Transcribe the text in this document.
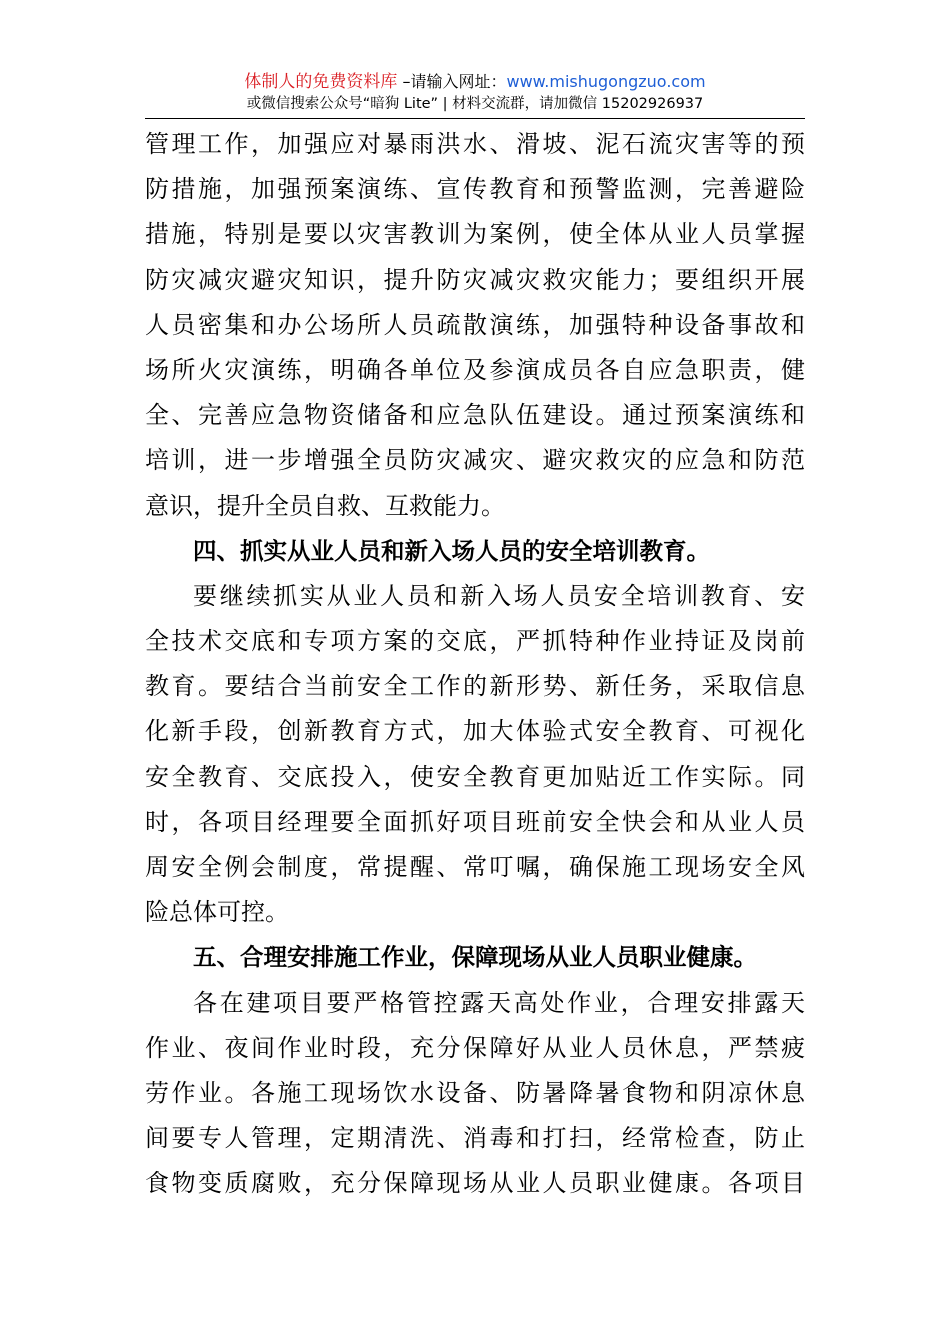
体制人的免费资料库 –请输入网址：www.mishugongzuo.com
或微信搜索公众号“暗狗 Lite” | 材料交流群，请加微信 15202926937
管理工作，加强应对暴雨洪水、滑坡、泥石流灾害等的预
防措施，加强预案演练、宣传教育和预警监测，完善避险
措施，特别是要以灾害教训为案例，使全体从业人员掌握
防灾减灾避灾知识，提升防灾减灾救灾能力；要组织开展
人员密集和办公场所人员疏散演练，加强特种设备事故和
场所火灾演练，明确各单位及参演成员各自应急职责，健
全、完善应急物资储备和应急队伍建设。通过预案演练和
培训，进一步增强全员防灾减灾、避灾救灾的应急和防范
意识，提升全员自救、互救能力。
四、抓实从业人员和新入场人员的安全培训教育。
要继续抓实从业人员和新入场人员安全培训教育、安
全技术交底和专项方案的交底，严抓特种作业持证及岗前
教育。要结合当前安全工作的新形势、新任务，采取信息
化新手段，创新教育方式，加大体验式安全教育、可视化
安全教育、交底投入，使安全教育更加贴近工作实际。同
时，各项目经理要全面抓好项目班前安全快会和从业人员
周安全例会制度，常提醒、常叮嘱，确保施工现场安全风
险总体可控。
五、合理安排施工作业，保障现场从业人员职业健康。
各在建项目要严格管控露天高处作业，合理安排露天
作业、夜间作业时段，充分保障好从业人员休息，严禁疲
劳作业。各施工现场饮水设备、防暑降暑食物和阴凉休息
间要专人管理，定期清洗、消毒和打扫，经常检查，防止
食物变质腐败，充分保障现场从业人员职业健康。各项目
